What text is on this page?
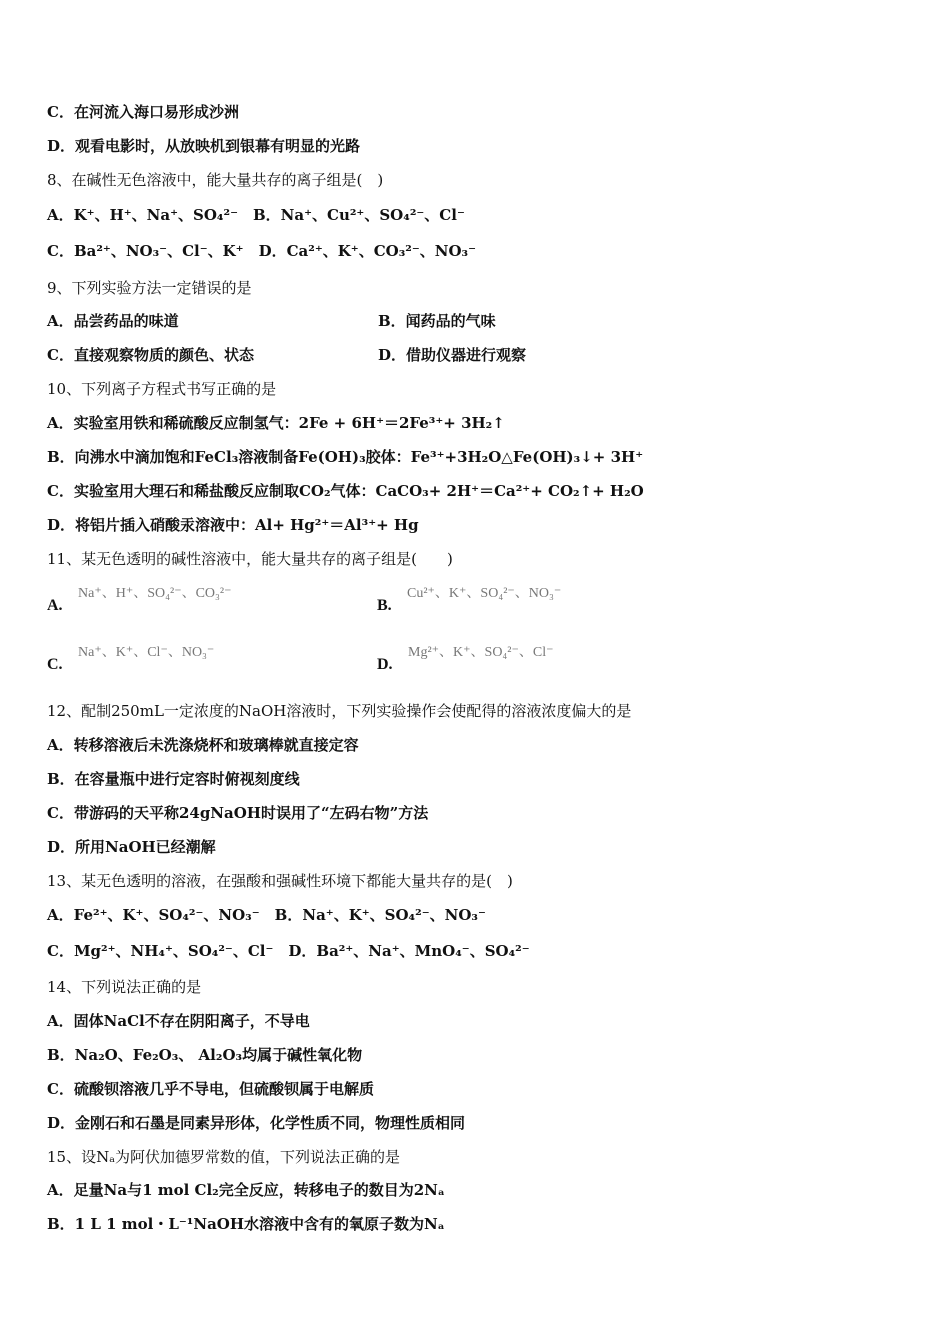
C．在河流入海口易形成沙洲
D．观看电影时，从放映机到银幕有明显的光路
8、在碱性无色溶液中，能大量共存的离子组是(　)
A．K⁺、H⁺、Na⁺、SO₄²⁻　B．Na⁺、Cu²⁺、SO₄²⁻、Cl⁻
C．Ba²⁺、NO₃⁻、Cl⁻、K⁺　D．Ca²⁺、K⁺、CO₃²⁻、NO₃⁻
9、下列实验方法一定错误的是
A．品尝药品的味道	B．闻药品的气味
C．直接观察物质的颜色、状态	D．借助仪器进行观察
10、下列离子方程式书写正确的是
A．实验室用铁和稀硫酸反应制氢气：2Fe + 6H⁺＝2Fe³⁺+ 3H₂↑
B．向沸水中滴加饱和FeCl₃溶液制备Fe(OH)₃胶体：Fe³⁺+3H₂O△Fe(OH)₃↓+ 3H⁺
C．实验室用大理石和稀盐酸反应制取CO₂气体：CaCO₃+ 2H⁺＝Ca²⁺+ CO₂↑+ H₂O
D．将铝片插入硝酸汞溶液中：Al+ Hg²⁺＝Al³⁺+ Hg
11、某无色透明的碱性溶液中，能大量共存的离子组是(　　)
A.
Na⁺、H⁺、SO₄²⁻、CO₃²⁻
B.
Cu²⁺、K⁺、SO₄²⁻、NO₃⁻
C.
Na⁺、K⁺、Cl⁻、NO₃⁻
D.
Mg²⁺、K⁺、SO₄²⁻、Cl⁻
12、配制250mL一定浓度的NaOH溶液时，下列实验操作会使配得的溶液浓度偏大的是
A．转移溶液后未洗涤烧杯和玻璃棒就直接定容
B．在容量瓶中进行定容时俯视刻度线
C．带游码的天平称24gNaOH时误用了“左码右物”方法
D．所用NaOH已经潮解
13、某无色透明的溶液，在强酸和强碱性环境下都能大量共存的是(　)
A．Fe²⁺、K⁺、SO₄²⁻、NO₃⁻　B．Na⁺、K⁺、SO₄²⁻、NO₃⁻
C．Mg²⁺、NH₄⁺、SO₄²⁻、Cl⁻　D．Ba²⁺、Na⁺、MnO₄⁻、SO₄²⁻
14、下列说法正确的是
A．固体NaCl不存在阴阳离子，不导电
B．Na₂O、Fe₂O₃、 Al₂O₃均属于碱性氧化物
C．硫酸钡溶液几乎不导电，但硫酸钡属于电解质
D．金刚石和石墨是同素异形体，化学性质不同，物理性质相同
15、设Nₐ为阿伏加德罗常数的值，下列说法正确的是
A．足量Na与1 mol Cl₂完全反应，转移电子的数目为2Nₐ
B．1 L 1 mol・L⁻¹NaOH水溶液中含有的氧原子数为Nₐ
